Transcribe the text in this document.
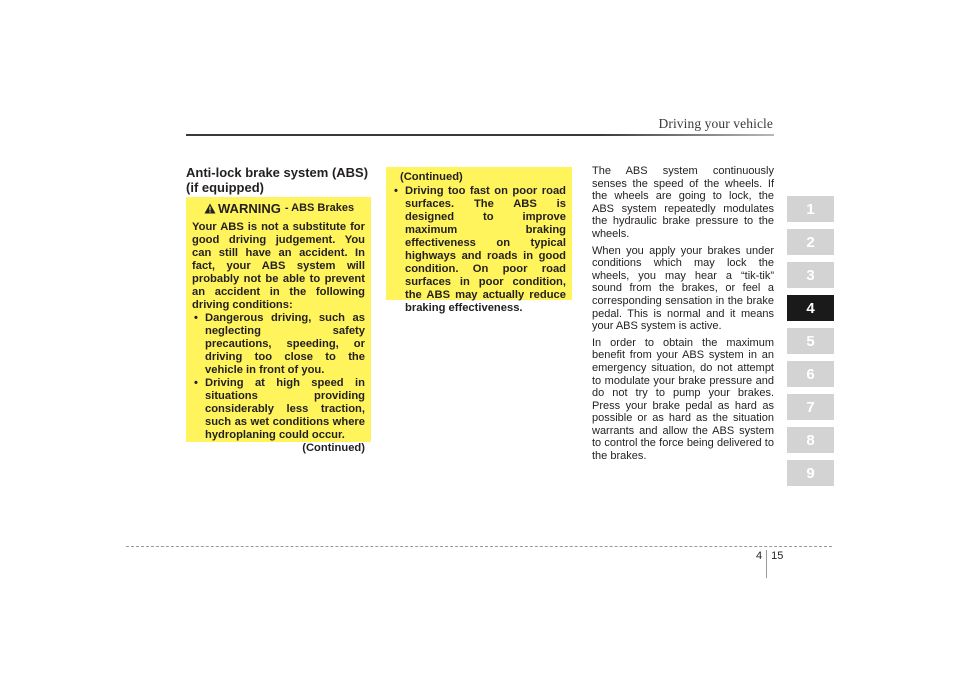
Driving your vehicle
Anti-lock brake system (ABS)
(if equipped)
WARNING - ABS Brakes
Your ABS is not a substitute for good driving judgement. You can still have an accident. In fact, your ABS system will probably not be able to prevent an accident in the following driving conditions:
• Dangerous driving, such as neglecting safety precautions, speeding, or driving too close to the vehicle in front of you.
• Driving at high speed in situations providing considerably less traction, such as wet conditions where hydroplaning could occur.
(Continued)
(Continued)
• Driving too fast on poor road surfaces. The ABS is designed to improve maximum braking effectiveness on typical highways and roads in good condition. On poor road surfaces in poor condition, the ABS may actually reduce braking effectiveness.

The ABS system continuously senses the speed of the wheels. If the wheels are going to lock, the ABS system repeatedly modulates the hydraulic brake pressure to the wheels.

When you apply your brakes under conditions which may lock the wheels, you may hear a “tik-tik” sound from the brakes, or feel a corresponding sensation in the brake pedal. This is normal and it means your ABS system is active.

In order to obtain the maximum benefit from your ABS system in an emergency situation, do not attempt to modulate your brake pressure and do not try to pump your brakes. Press your brake pedal as hard as possible or as hard as the situation warrants and allow the ABS system to control the force being delivered to the brakes.

1
2
3
4
5
6
7
8
9
4 15
